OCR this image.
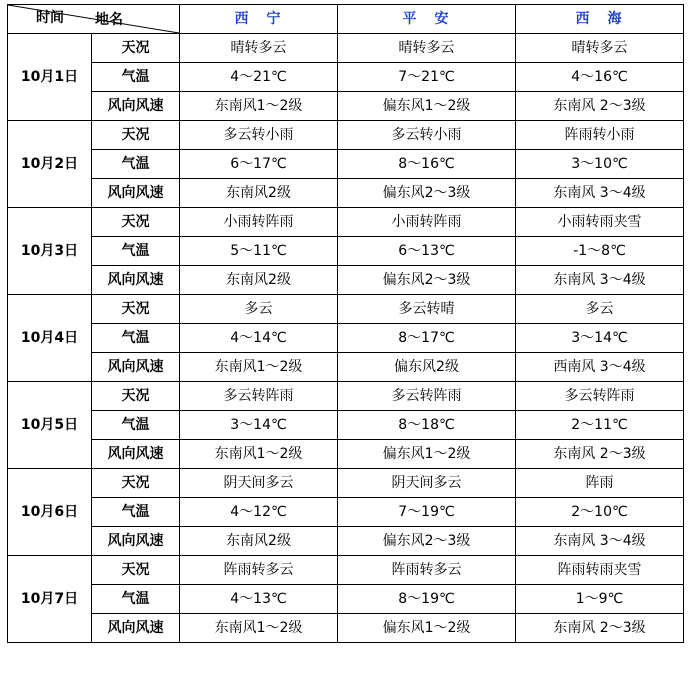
地名
时间		西　宁	平　安	西　海
10月1日	天况	晴转多云	晴转多云	晴转多云
	气温	4～21℃	7～21℃	4～16℃
	风向风速	东南风1～2级	偏东风1～2级	东南风 2～3级
10月2日	天况	多云转小雨	多云转小雨	阵雨转小雨
	气温	6～17℃	8～16℃	3～10℃
	风向风速	东南风2级	偏东风2～3级	东南风 3～4级
10月3日	天况	小雨转阵雨	小雨转阵雨	小雨转雨夹雪
	气温	5～11℃	6～13℃	-1～8℃
	风向风速	东南风2级	偏东风2～3级	东南风 3～4级
10月4日	天况	多云	多云转晴	多云
	气温	4～14℃	8～17℃	3～14℃
	风向风速	东南风1～2级	偏东风2级	西南风 3～4级
10月5日	天况	多云转阵雨	多云转阵雨	多云转阵雨
	气温	3～14℃	8～18℃	2～11℃
	风向风速	东南风1～2级	偏东风1～2级	东南风 2～3级
10月6日	天况	阴天间多云	阴天间多云	阵雨
	气温	4～12℃	7～19℃	2～10℃
	风向风速	东南风2级	偏东风2～3级	东南风 3～4级
10月7日	天况	阵雨转多云	阵雨转多云	阵雨转雨夹雪
	气温	4～13℃	8～19℃	1～9℃
	风向风速	东南风1～2级	偏东风1～2级	东南风 2～3级
